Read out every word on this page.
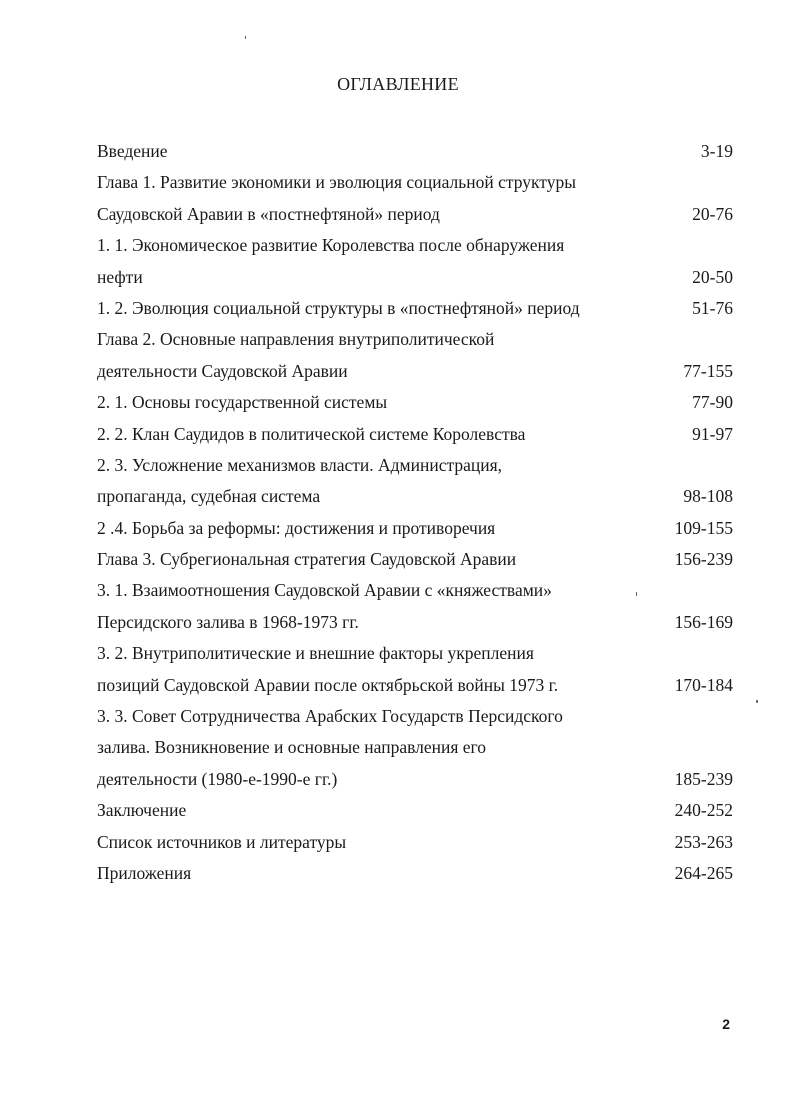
ОГЛАВЛЕНИЕ
Введение	3-19
Глава 1. Развитие экономики и эволюция социальной структуры
Саудовской Аравии в «постнефтяной» период	20-76
1. 1. Экономическое развитие Королевства после обнаружения
нефти	20-50
1. 2. Эволюция социальной структуры в «постнефтяной» период	51-76
Глава 2. Основные направления внутриполитической
деятельности Саудовской Аравии	77-155
2. 1. Основы государственной системы	77-90
2. 2. Клан Саудидов в политической системе Королевства	91-97
2. 3. Усложнение механизмов власти. Администрация,
пропаганда, судебная система	98-108
2 .4. Борьба за реформы: достижения и противоречия	109-155
Глава 3. Субрегиональная стратегия Саудовской Аравии	156-239
3. 1. Взаимоотношения Саудовской Аравии с «княжествами»
Персидского залива в 1968-1973 гг.	156-169
3. 2. Внутриполитические и внешние факторы укрепления
позиций Саудовской Аравии после октябрьской войны 1973 г.	170-184
3. 3. Совет Сотрудничества Арабских Государств Персидского
залива. Возникновение и основные направления его
деятельности (1980-е-1990-е гг.)	185-239
Заключение	240-252
Список источников и литературы	253-263
Приложения	264-265
2
